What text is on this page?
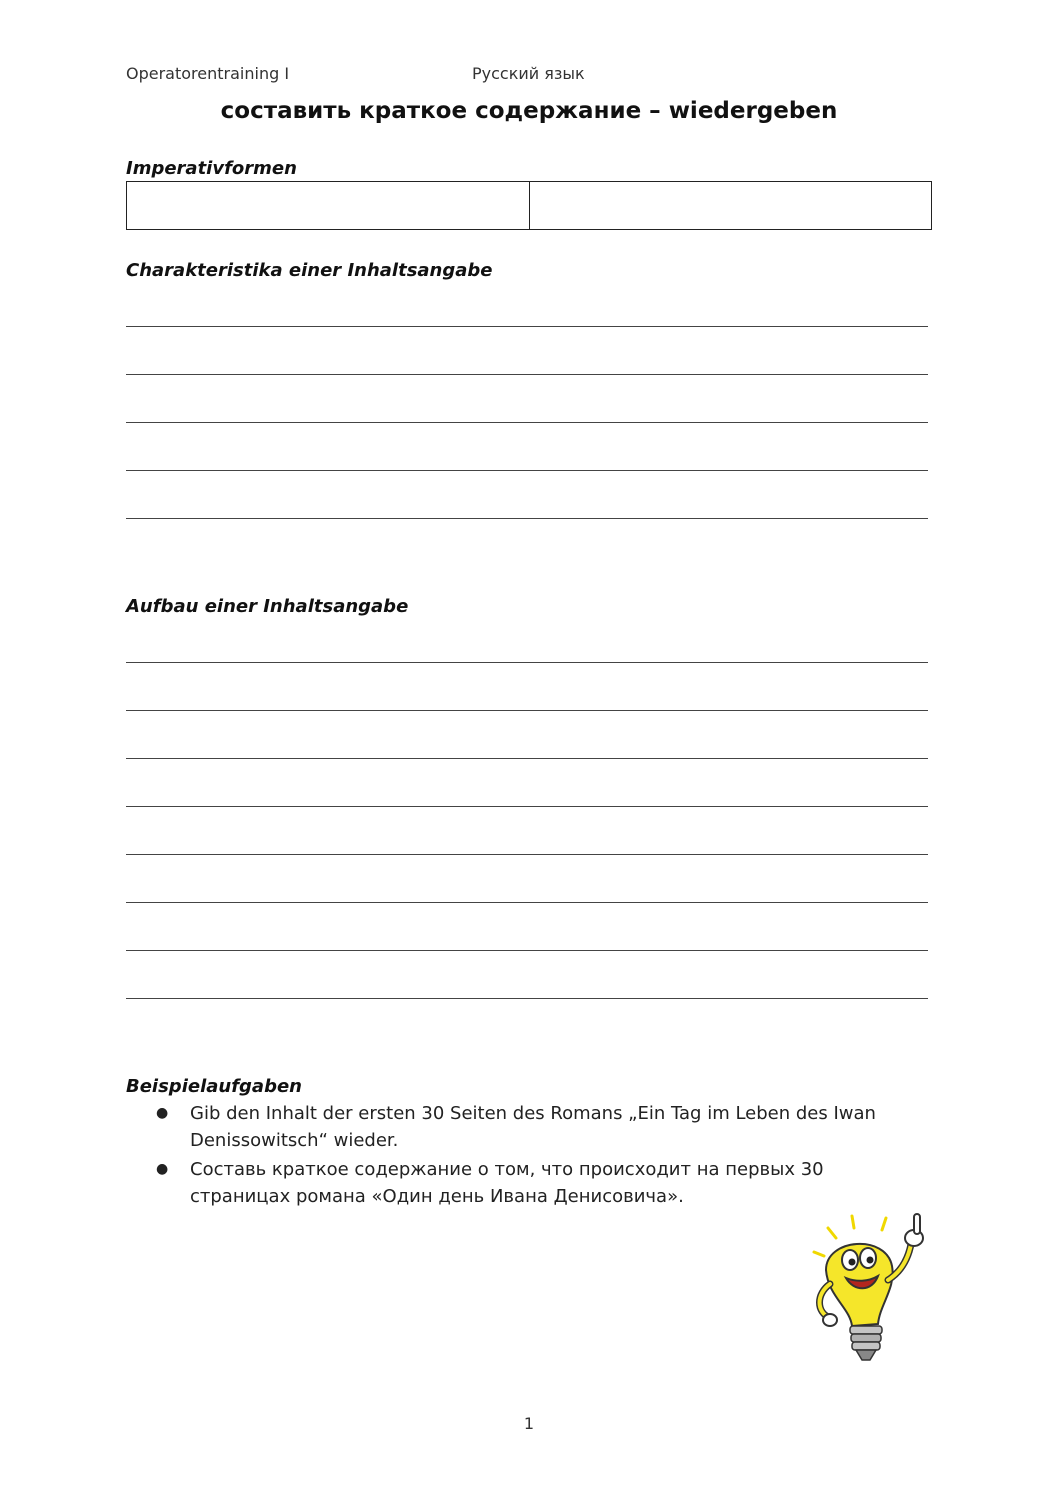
Operatorentraining I	Русский язык
составить краткое содержание – wiedergeben
Imperativformen
Charakteristika einer Inhaltsangabe
Aufbau einer Inhaltsangabe
Beispielaufgaben
● Gib den Inhalt der ersten 30 Seiten des Romans „Ein Tag im Leben des Iwan
Denissowitsch“ wieder.
● Составь краткое содержание о том, что происходит на первых 30
страницах романа «Один день Ивана Денисовича».
1
